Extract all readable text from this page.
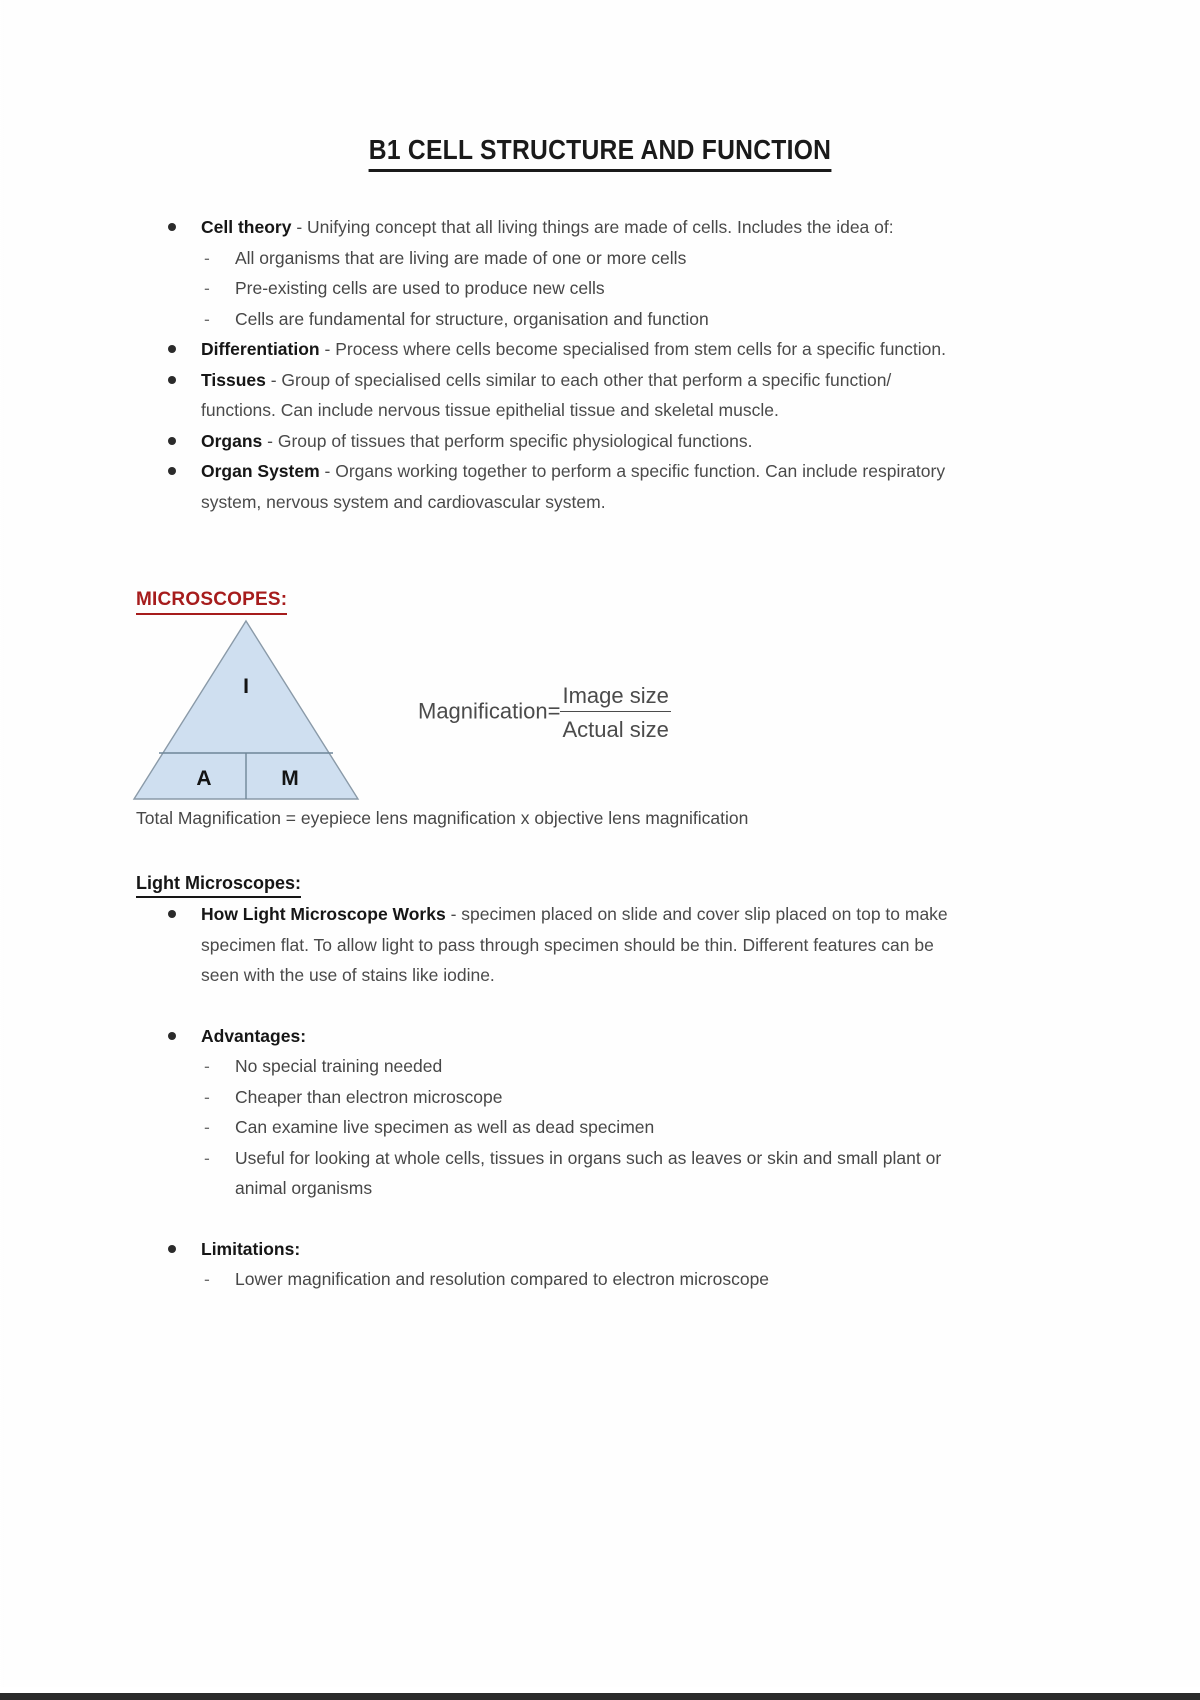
B1 CELL STRUCTURE AND FUNCTION
Cell theory - Unifying concept that all living things are made of cells. Includes the idea of:
- All organisms that are living are made of one or more cells
- Pre-existing cells are used to produce new cells
- Cells are fundamental for structure, organisation and function
Differentiation - Process where cells become specialised from stem cells for a specific function.
Tissues - Group of specialised cells similar to each other that perform a specific function/ functions. Can include nervous tissue epithelial tissue and skeletal muscle.
Organs - Group of tissues that perform specific physiological functions.
Organ System - Organs working together to perform a specific function. Can include respiratory system, nervous system and cardiovascular system.
MICROSCOPES:
I
A	M
Magnification= $\frac{\text{Image size}}{\text{Actual size}}$
Total Magnification = eyepiece lens magnification x objective lens magnification
Light Microscopes:
How Light Microscope Works - specimen placed on slide and cover slip placed on top to make specimen flat. To allow light to pass through specimen should be thin. Different features can be seen with the use of stains like iodine.
Advantages:
- No special training needed
- Cheaper than electron microscope
- Can examine live specimen as well as dead specimen
- Useful for looking at whole cells, tissues in organs such as leaves or skin and small plant or animal organisms
Limitations:
- Lower magnification and resolution compared to electron microscope
